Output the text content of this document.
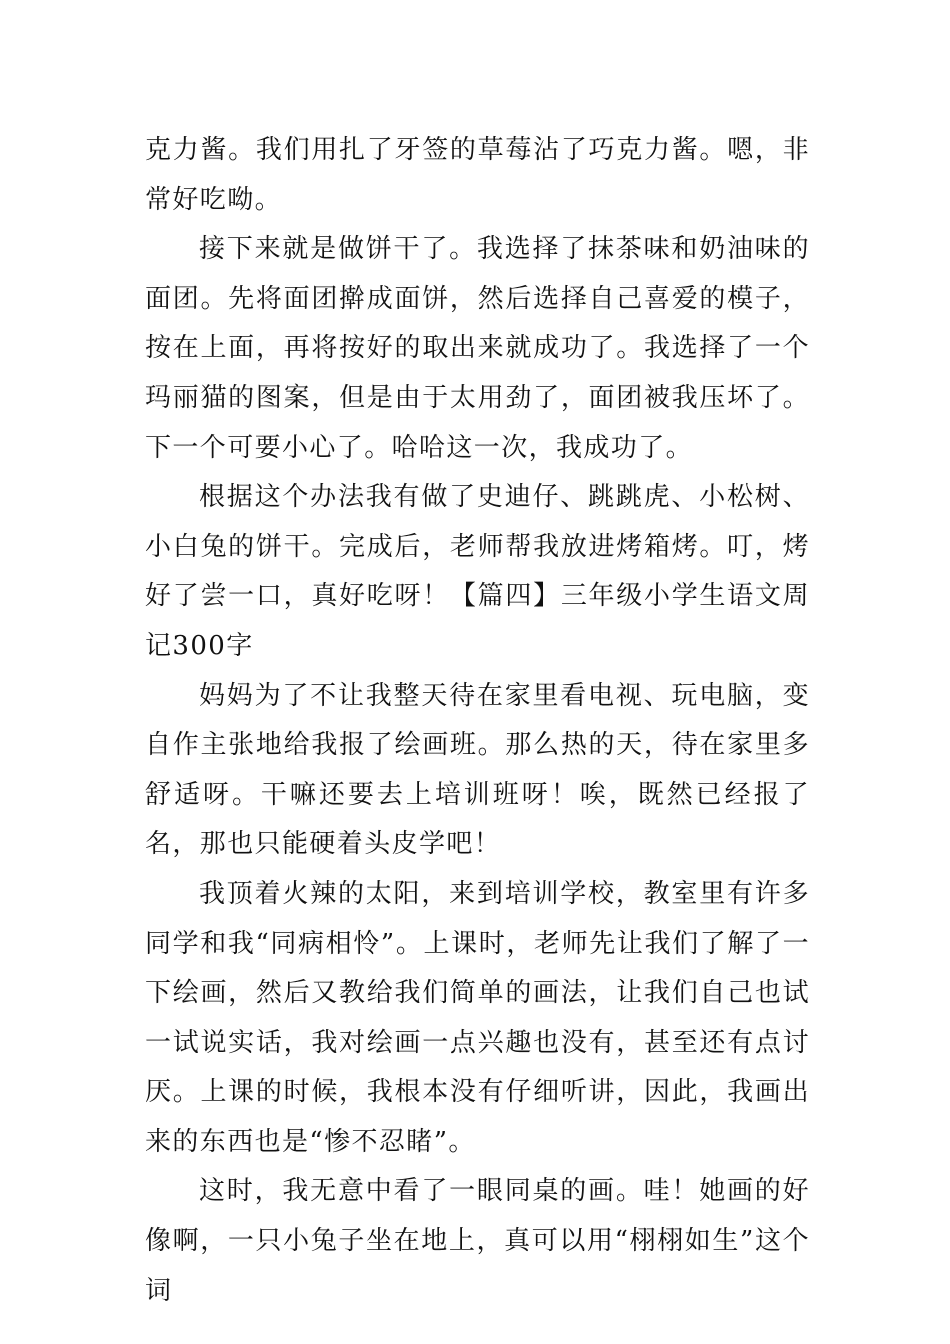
克力酱。我们用扎了牙签的草莓沾了巧克力酱。嗯，非常好吃呦。

接下来就是做饼干了。我选择了抹茶味和奶油味的面团。先将面团擀成面饼，然后选择自己喜爱的模子，按在上面，再将按好的取出来就成功了。我选择了一个玛丽猫的图案，但是由于太用劲了，面团被我压坏了。下一个可要小心了。哈哈这一次，我成功了。

根据这个办法我有做了史迪仔、跳跳虎、小松树、小白兔的饼干。完成后，老师帮我放进烤箱烤。叮，烤好了尝一口，真好吃呀！【篇四】三年级小学生语文周记300字

妈妈为了不让我整天待在家里看电视、玩电脑，变自作主张地给我报了绘画班。那么热的天，待在家里多舒适呀。干嘛还要去上培训班呀！唉，既然已经报了名，那也只能硬着头皮学吧！

我顶着火辣的太阳，来到培训学校，教室里有许多同学和我“同病相怜”。上课时，老师先让我们了解了一下绘画，然后又教给我们简单的画法，让我们自己也试一试说实话，我对绘画一点兴趣也没有，甚至还有点讨厌。上课的时候，我根本没有仔细听讲，因此，我画出来的东西也是“惨不忍睹”。

这时，我无意中看了一眼同桌的画。哇！她画的好像啊，一只小兔子坐在地上，真可以用“栩栩如生”这个词
